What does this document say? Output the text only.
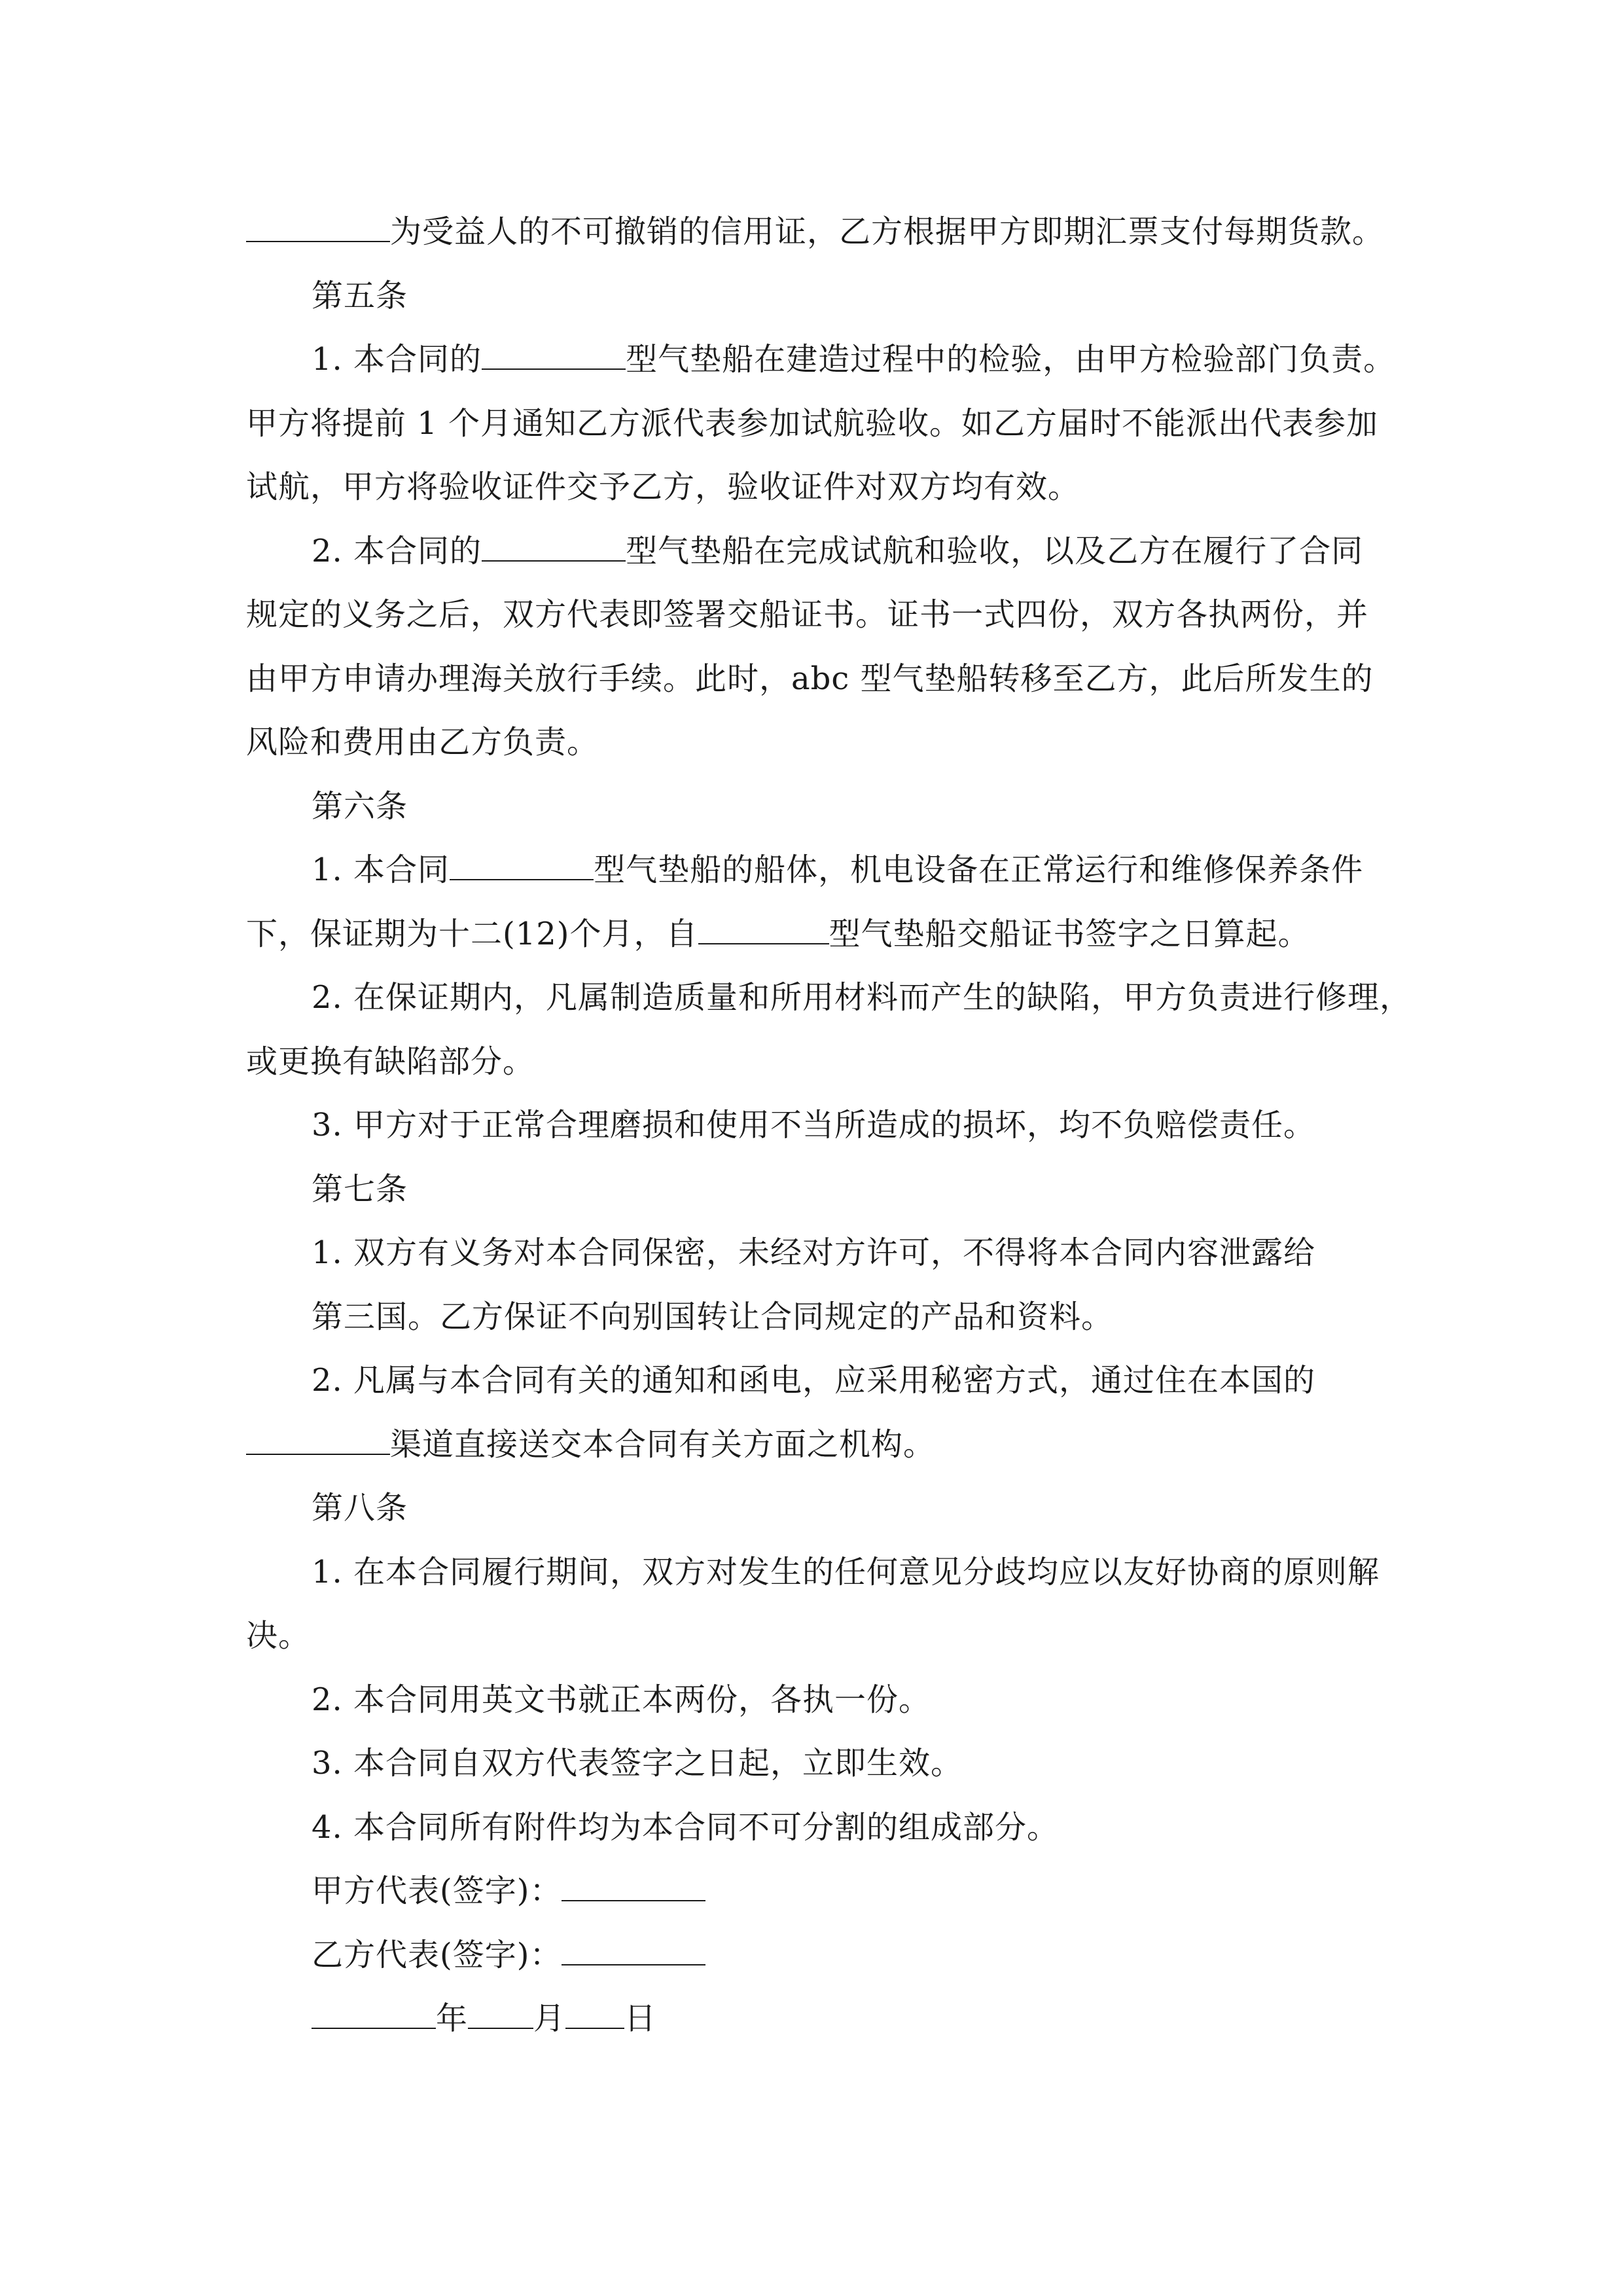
为受益人的不可撤销的信用证，乙方根据甲方即期汇票支付每期货款。
第五条
1. 本合同的	型气垫船在建造过程中的检验，由甲方检验部门负责。
甲方将提前 1 个月通知乙方派代表参加试航验收。如乙方届时不能派出代表参加
试航，甲方将验收证件交予乙方，验收证件对双方均有效。
2. 本合同的	型气垫船在完成试航和验收，以及乙方在履行了合同
规定的义务之后，双方代表即签署交船证书。证书一式四份，双方各执两份，并
由甲方申请办理海关放行手续。此时，abc 型气垫船转移至乙方，此后所发生的
风险和费用由乙方负责。
第六条
1. 本合同	型气垫船的船体，机电设备在正常运行和维修保养条件
下，保证期为十二(12)个月，自	型气垫船交船证书签字之日算起。
2. 在保证期内，凡属制造质量和所用材料而产生的缺陷，甲方负责进行修理，
或更换有缺陷部分。
3. 甲方对于正常合理磨损和使用不当所造成的损坏，均不负赔偿责任。
第七条
1. 双方有义务对本合同保密，未经对方许可，不得将本合同内容泄露给
第三国。乙方保证不向别国转让合同规定的产品和资料。
2. 凡属与本合同有关的通知和函电，应采用秘密方式，通过住在本国的
渠道直接送交本合同有关方面之机构。
第八条
1. 在本合同履行期间，双方对发生的任何意见分歧均应以友好协商的原则解
决。
2. 本合同用英文书就正本两份，各执一份。
3. 本合同自双方代表签字之日起，立即生效。
4. 本合同所有附件均为本合同不可分割的组成部分。
甲方代表(签字)：
乙方代表(签字)：
年 月 日
